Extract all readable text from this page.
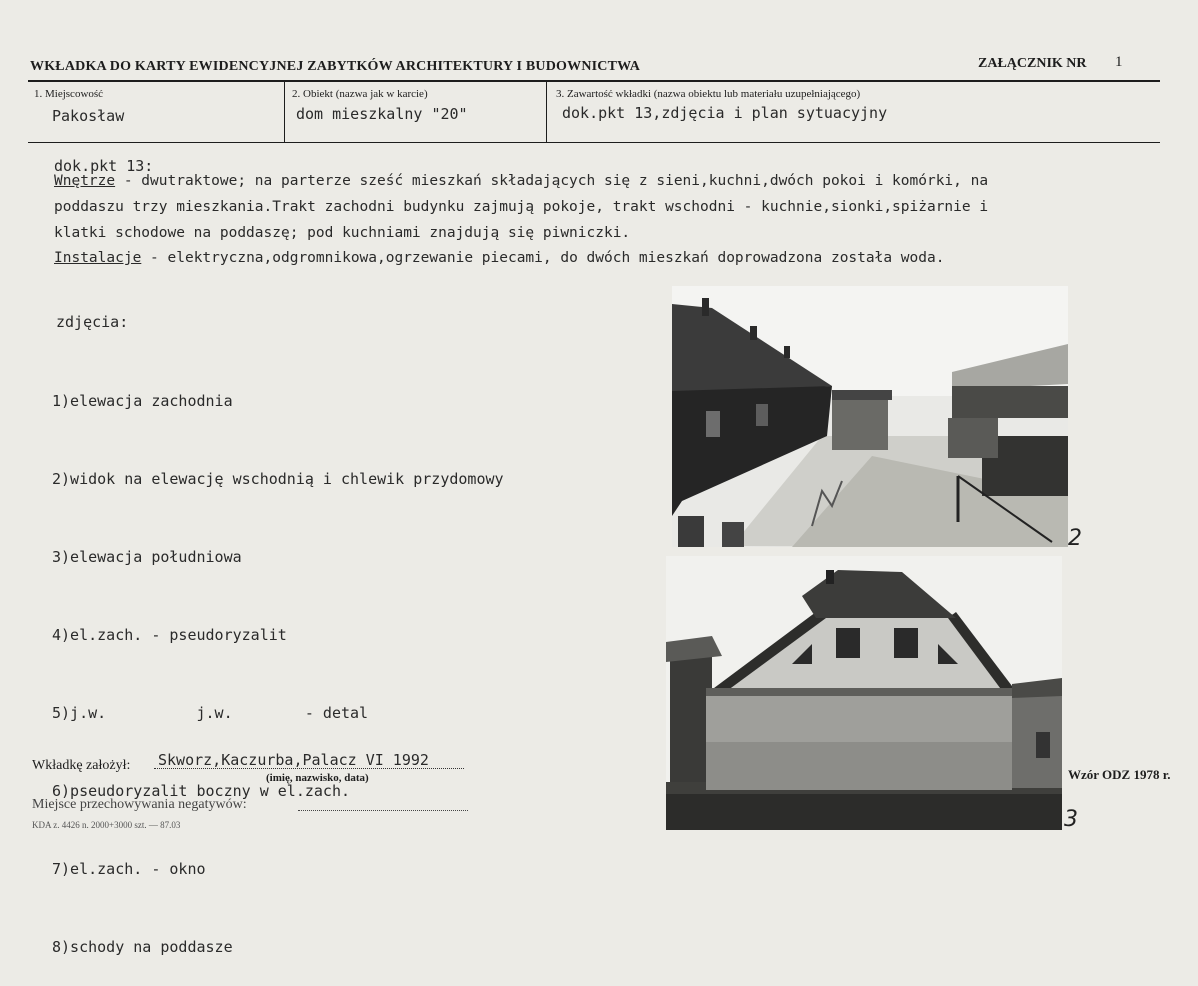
WKŁADKA DO KARTY EWIDENCYJNEJ ZABYTKÓW ARCHITEKTURY I BUDOWNICTWA	ZAŁĄCZNIK NR 1
1. Miejscowość
Pakosław
2. Obiekt (nazwa jak w karcie)
dom mieszkalny "20"
3. Zawartość wkładki (nazwa obiektu lub materiału uzupełniającego)
dok.pkt 13,zdjęcia i plan sytuacyjny
dok.pkt 13:
Wnętrze - dwutraktowe; na parterze sześć mieszkań składających się z sieni,kuchni,dwóch pokoi i komórki, na
poddaszu trzy mieszkania.Trakt zachodni budynku zajmują pokoje, trakt wschodni - kuchnie,sionki,spiżarnie i
klatki schodowe na poddaszę; pod kuchniami znajdują się piwniczki.
Instalacje - elektryczna,odgromnikowa,ogrzewanie piecami, do dwóch mieszkań doprowadzona została woda.
zdjęcia:

1)elewacja zachodnia

2)widok na elewację wschodnią i chlewik przydomowy

3)elewacja południowa

4)el.zach. - pseudoryzalit

5)j.w.          j.w.        - detal

6)pseudoryzalit boczny w el.zach.

7)el.zach. - okno

8)schody na poddasze

2
3
Wkładkę założył: Skworz,Kaczurba,Palacz VI 1992
(imię, nazwisko, data)
Miejsce przechowywania negatywów:
KDA z. 4426 n. 2000+3000 szt. — 87.03
Wzór ODZ 1978 r.
